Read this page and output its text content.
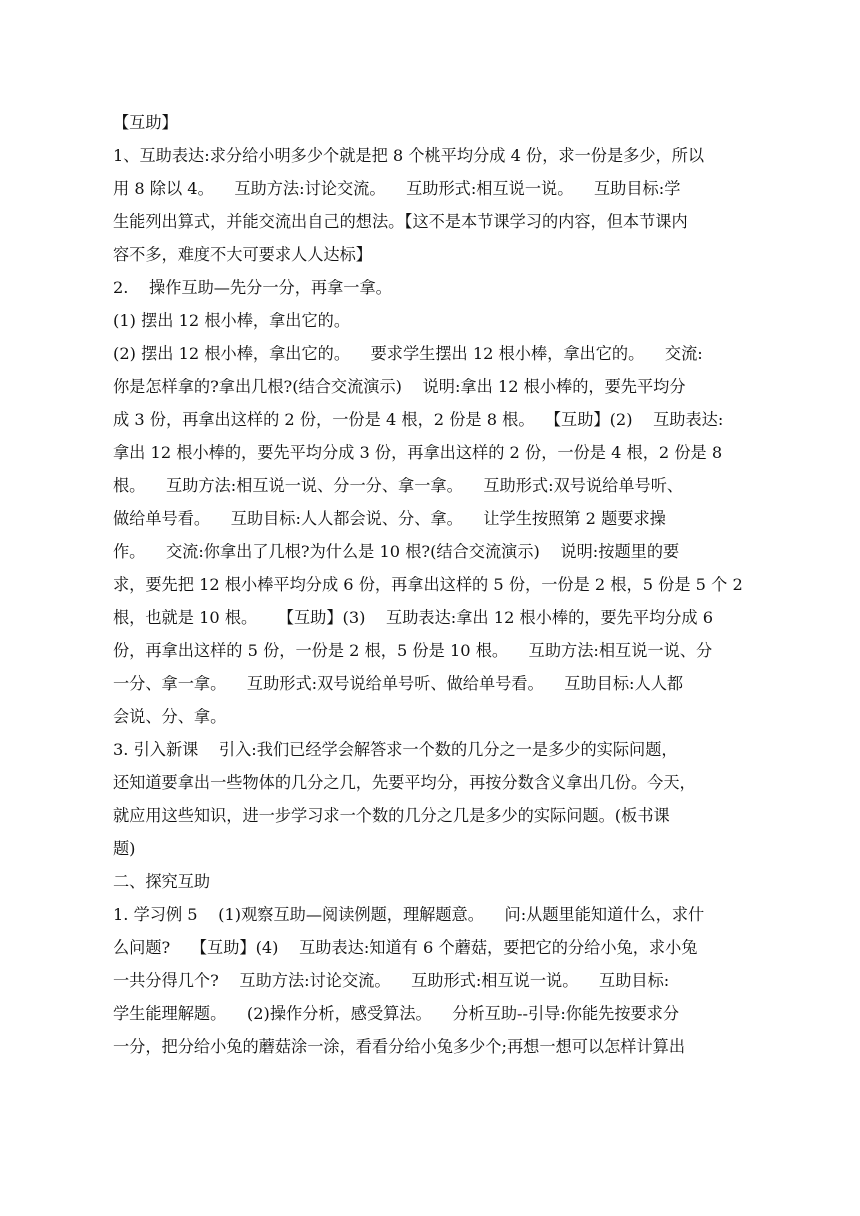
【互助】
1、互助表达:求分给小明多少个就是把 8 个桃平均分成 4 份，求一份是多少，所以
用 8 除以 4。    互助方法:讨论交流。    互助形式:相互说一说。    互助目标:学
生能列出算式，并能交流出自己的想法。【这不是本节课学习的内容，但本节课内
容不多，难度不大可要求人人达标】
2.    操作互助—先分一分，再拿一拿。
(1) 摆出 12 根小棒，拿出它的。
(2) 摆出 12 根小棒，拿出它的。    要求学生摆出 12 根小棒，拿出它的。    交流:
你是怎样拿的?拿出几根?(结合交流演示)    说明:拿出 12 根小棒的，要先平均分
成 3 份，再拿出这样的 2 份，一份是 4 根，2 份是 8 根。  【互助】(2)    互助表达:
拿出 12 根小棒的，要先平均分成 3 份，再拿出这样的 2 份，一份是 4 根，2 份是 8
根。    互助方法:相互说一说、分一分、拿一拿。    互助形式:双号说给单号听、
做给单号看。    互助目标:人人都会说、分、拿。    让学生按照第 2 题要求操
作。    交流:你拿出了几根?为什么是 10 根?(结合交流演示)    说明:按题里的要
求，要先把 12 根小棒平均分成 6 份，再拿出这样的 5 份，一份是 2 根，5 份是 5 个 2
根，也就是 10 根。    【互助】(3)    互助表达:拿出 12 根小棒的，要先平均分成 6
份，再拿出这样的 5 份，一份是 2 根，5 份是 10 根。    互助方法:相互说一说、分
一分、拿一拿。    互助形式:双号说给单号听、做给单号看。    互助目标:人人都
会说、分、拿。
3. 引入新课    引入:我们已经学会解答求一个数的几分之一是多少的实际问题，
还知道要拿出一些物体的几分之几，先要平均分，再按分数含义拿出几份。今天，
就应用这些知识，进一步学习求一个数的几分之几是多少的实际问题。(板书课
题)
二、探究互助
1. 学习例 5    (1)观察互助—阅读例题，理解题意。    问:从题里能知道什么，求什
么问题?    【互助】(4)    互助表达:知道有 6 个蘑菇，要把它的分给小兔，求小兔
一共分得几个?    互助方法:讨论交流。    互助形式:相互说一说。    互助目标:
学生能理解题。    (2)操作分析，感受算法。    分析互助--引导:你能先按要求分
一分，把分给小兔的蘑菇涂一涂，看看分给小兔多少个;再想一想可以怎样计算出
